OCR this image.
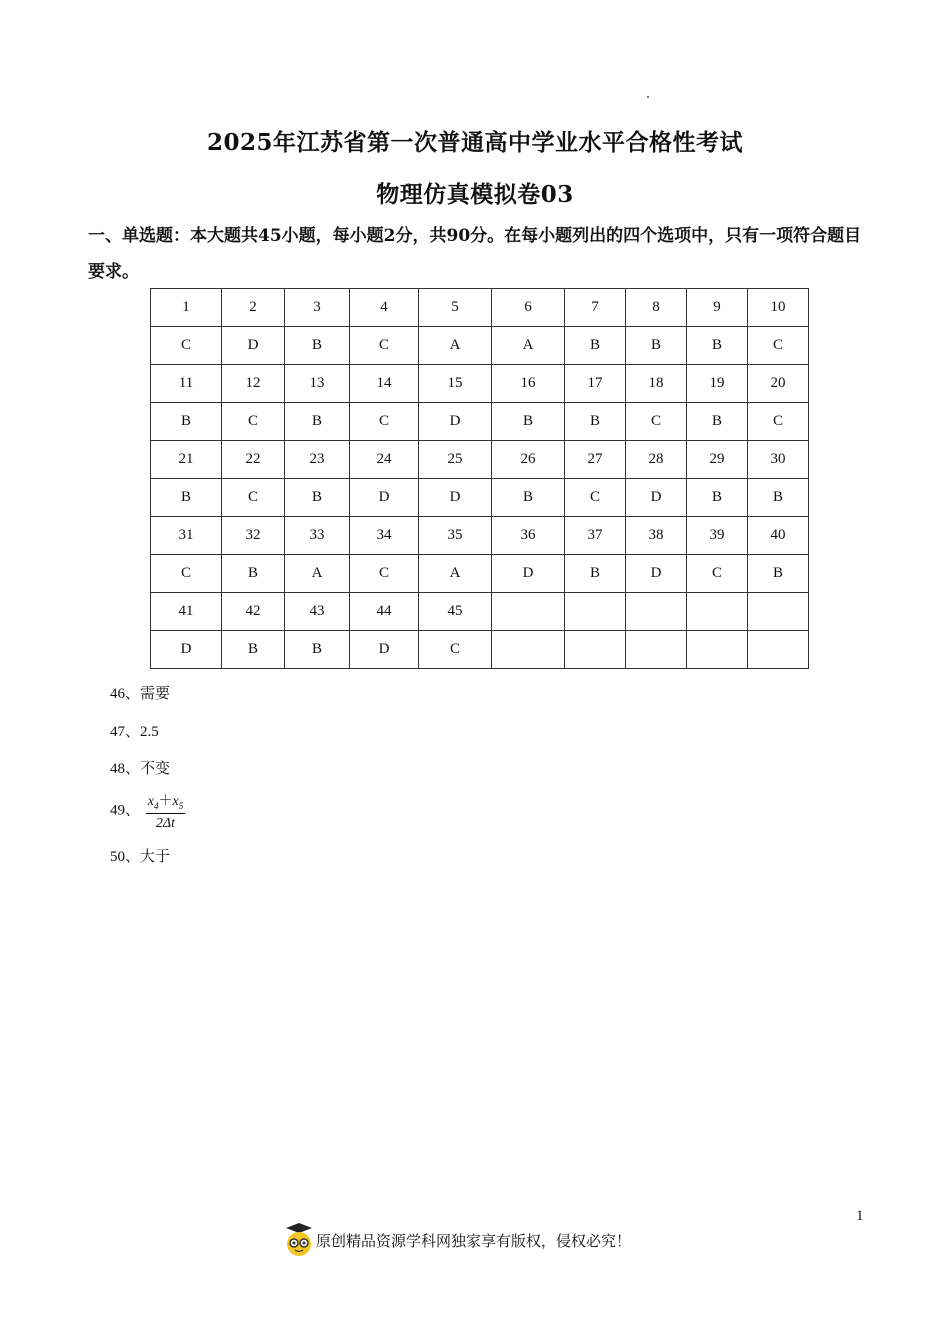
2025年江苏省第一次普通高中学业水平合格性考试
物理仿真模拟卷03
一、单选题：本大题共45小题，每小题2分，共90分。在每小题列出的四个选项中，只有一项符合题目要求。
1	2	3	4	5	6	7	8	9	10
C	D	B	C	A	A	B	B	B	C
11	12	13	14	15	16	17	18	19	20
B	C	B	C	D	B	B	C	B	C
21	22	23	24	25	26	27	28	29	30
B	C	B	D	D	B	C	D	B	B
31	32	33	34	35	36	37	38	39	40
C	B	A	C	A	D	B	D	C	B
41	42	43	44	45					
D	B	B	D	C					
46、需要
47、2.5
48、不变
49、 $\frac{x_4+x_5}{2\Delta t}$
50、大于
1
原创精品资源学科网独家享有版权，侵权必究！
